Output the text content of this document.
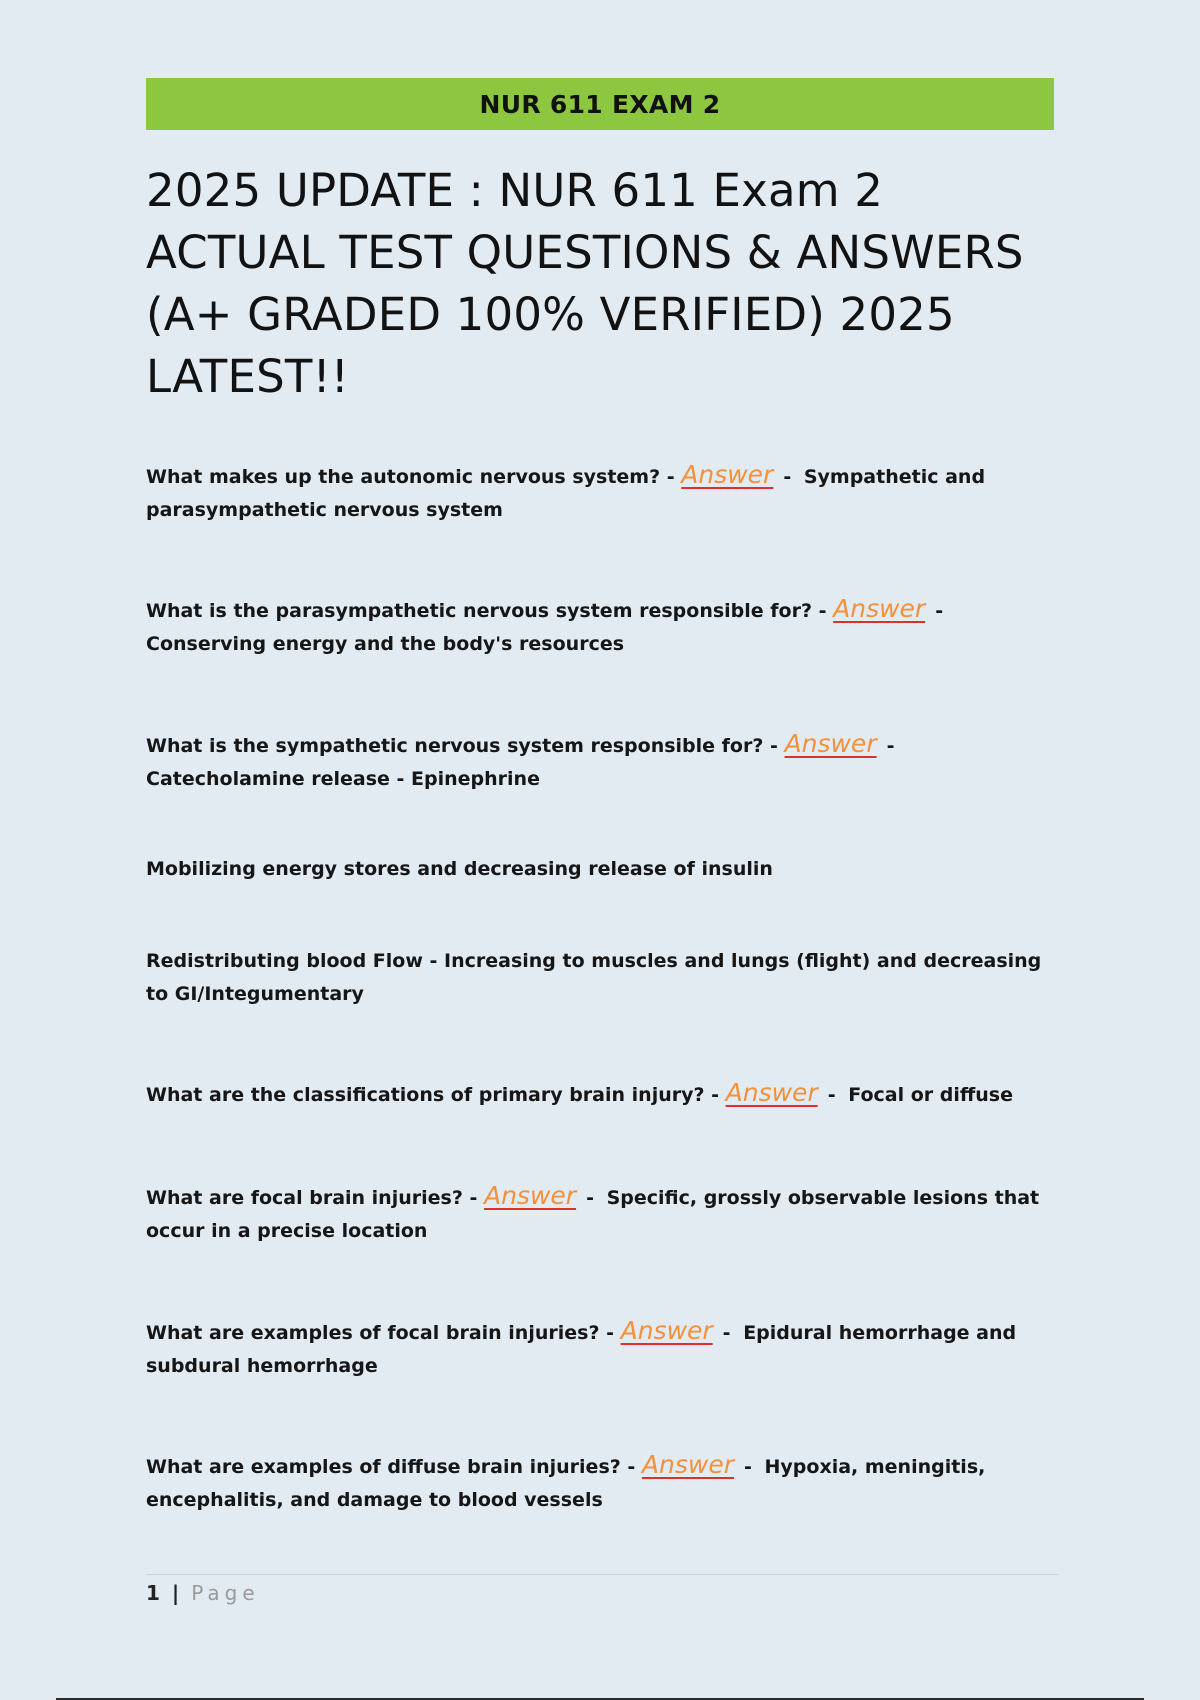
NUR 611 EXAM 2
2025 UPDATE : NUR 611 Exam 2 ACTUAL TEST QUESTIONS & ANSWERS (A+ GRADED 100% VERIFIED) 2025 LATEST!!
What makes up the autonomic nervous system? - Answer - Sympathetic and parasympathetic nervous system
What is the parasympathetic nervous system responsible for? - Answer - Conserving energy and the body's resources
What is the sympathetic nervous system responsible for? - Answer - Catecholamine release - Epinephrine
Mobilizing energy stores and decreasing release of insulin
Redistributing blood Flow - Increasing to muscles and lungs (flight) and decreasing to GI/Integumentary
What are the classifications of primary brain injury? - Answer - Focal or diffuse
What are focal brain injuries? - Answer - Specific, grossly observable lesions that occur in a precise location
What are examples of focal brain injuries? - Answer - Epidural hemorrhage and subdural hemorrhage
What are examples of diffuse brain injuries? - Answer - Hypoxia, meningitis, encephalitis, and damage to blood vessels
1 | Page
